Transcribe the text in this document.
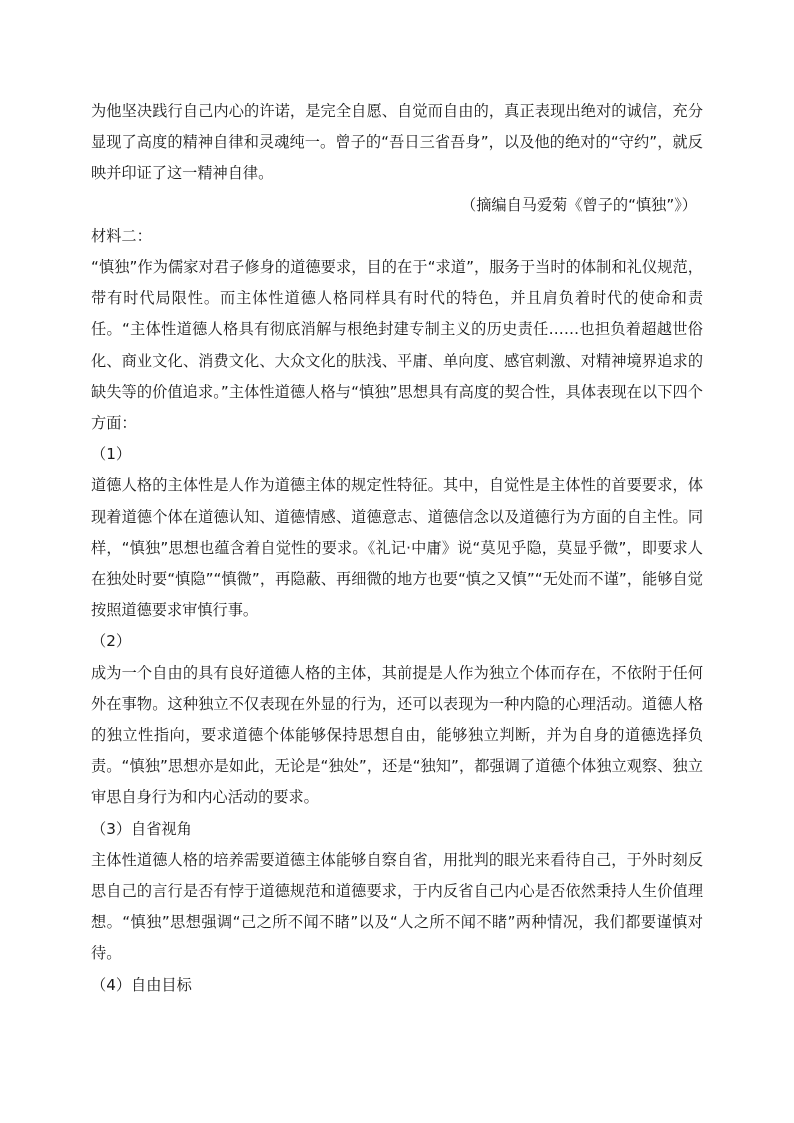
为他坚决践行自己内心的许诺，是完全自愿、自觉而自由的，真正表现出绝对的诚信，充分显现了高度的精神自律和灵魂纯一。曾子的“吾日三省吾身”，以及他的绝对的“守约”，就反映并印证了这一精神自律。

（摘编自马爱菊《曾子的“慎独”》）

材料二：

“慎独”作为儒家对君子修身的道德要求，目的在于“求道”，服务于当时的体制和礼仪规范，带有时代局限性。而主体性道德人格同样具有时代的特色，并且肩负着时代的使命和责任。“主体性道德人格具有彻底消解与根绝封建专制主义的历史责任……也担负着超越世俗化、商业文化、消费文化、大众文化的肤浅、平庸、单向度、感官刺激、对精神境界追求的缺失等的价值追求。”主体性道德人格与“慎独”思想具有高度的契合性，具体表现在以下四个方面：

（1）

道德人格的主体性是人作为道德主体的规定性特征。其中，自觉性是主体性的首要要求，体现着道德个体在道德认知、道德情感、道德意志、道德信念以及道德行为方面的自主性。同样，“慎独”思想也蕴含着自觉性的要求。《礼记·中庸》说“莫见乎隐，莫显乎微”，即要求人在独处时要“慎隐”“慎微”，再隐蔽、再细微的地方也要“慎之又慎”“无处而不谨”，能够自觉按照道德要求审慎行事。

（2）

成为一个自由的具有良好道德人格的主体，其前提是人作为独立个体而存在，不依附于任何外在事物。这种独立不仅表现在外显的行为，还可以表现为一种内隐的心理活动。道德人格的独立性指向，要求道德个体能够保持思想自由，能够独立判断，并为自身的道德选择负责。“慎独”思想亦是如此，无论是“独处”，还是“独知”，都强调了道德个体独立观察、独立审思自身行为和内心活动的要求。

（3）自省视角

主体性道德人格的培养需要道德主体能够自察自省，用批判的眼光来看待自己，于外时刻反思自己的言行是否有悖于道德规范和道德要求，于内反省自己内心是否依然秉持人生价值理想。“慎独”思想强调“己之所不闻不睹”以及“人之所不闻不睹”两种情况，我们都要谨慎对待。

（4）自由目标
